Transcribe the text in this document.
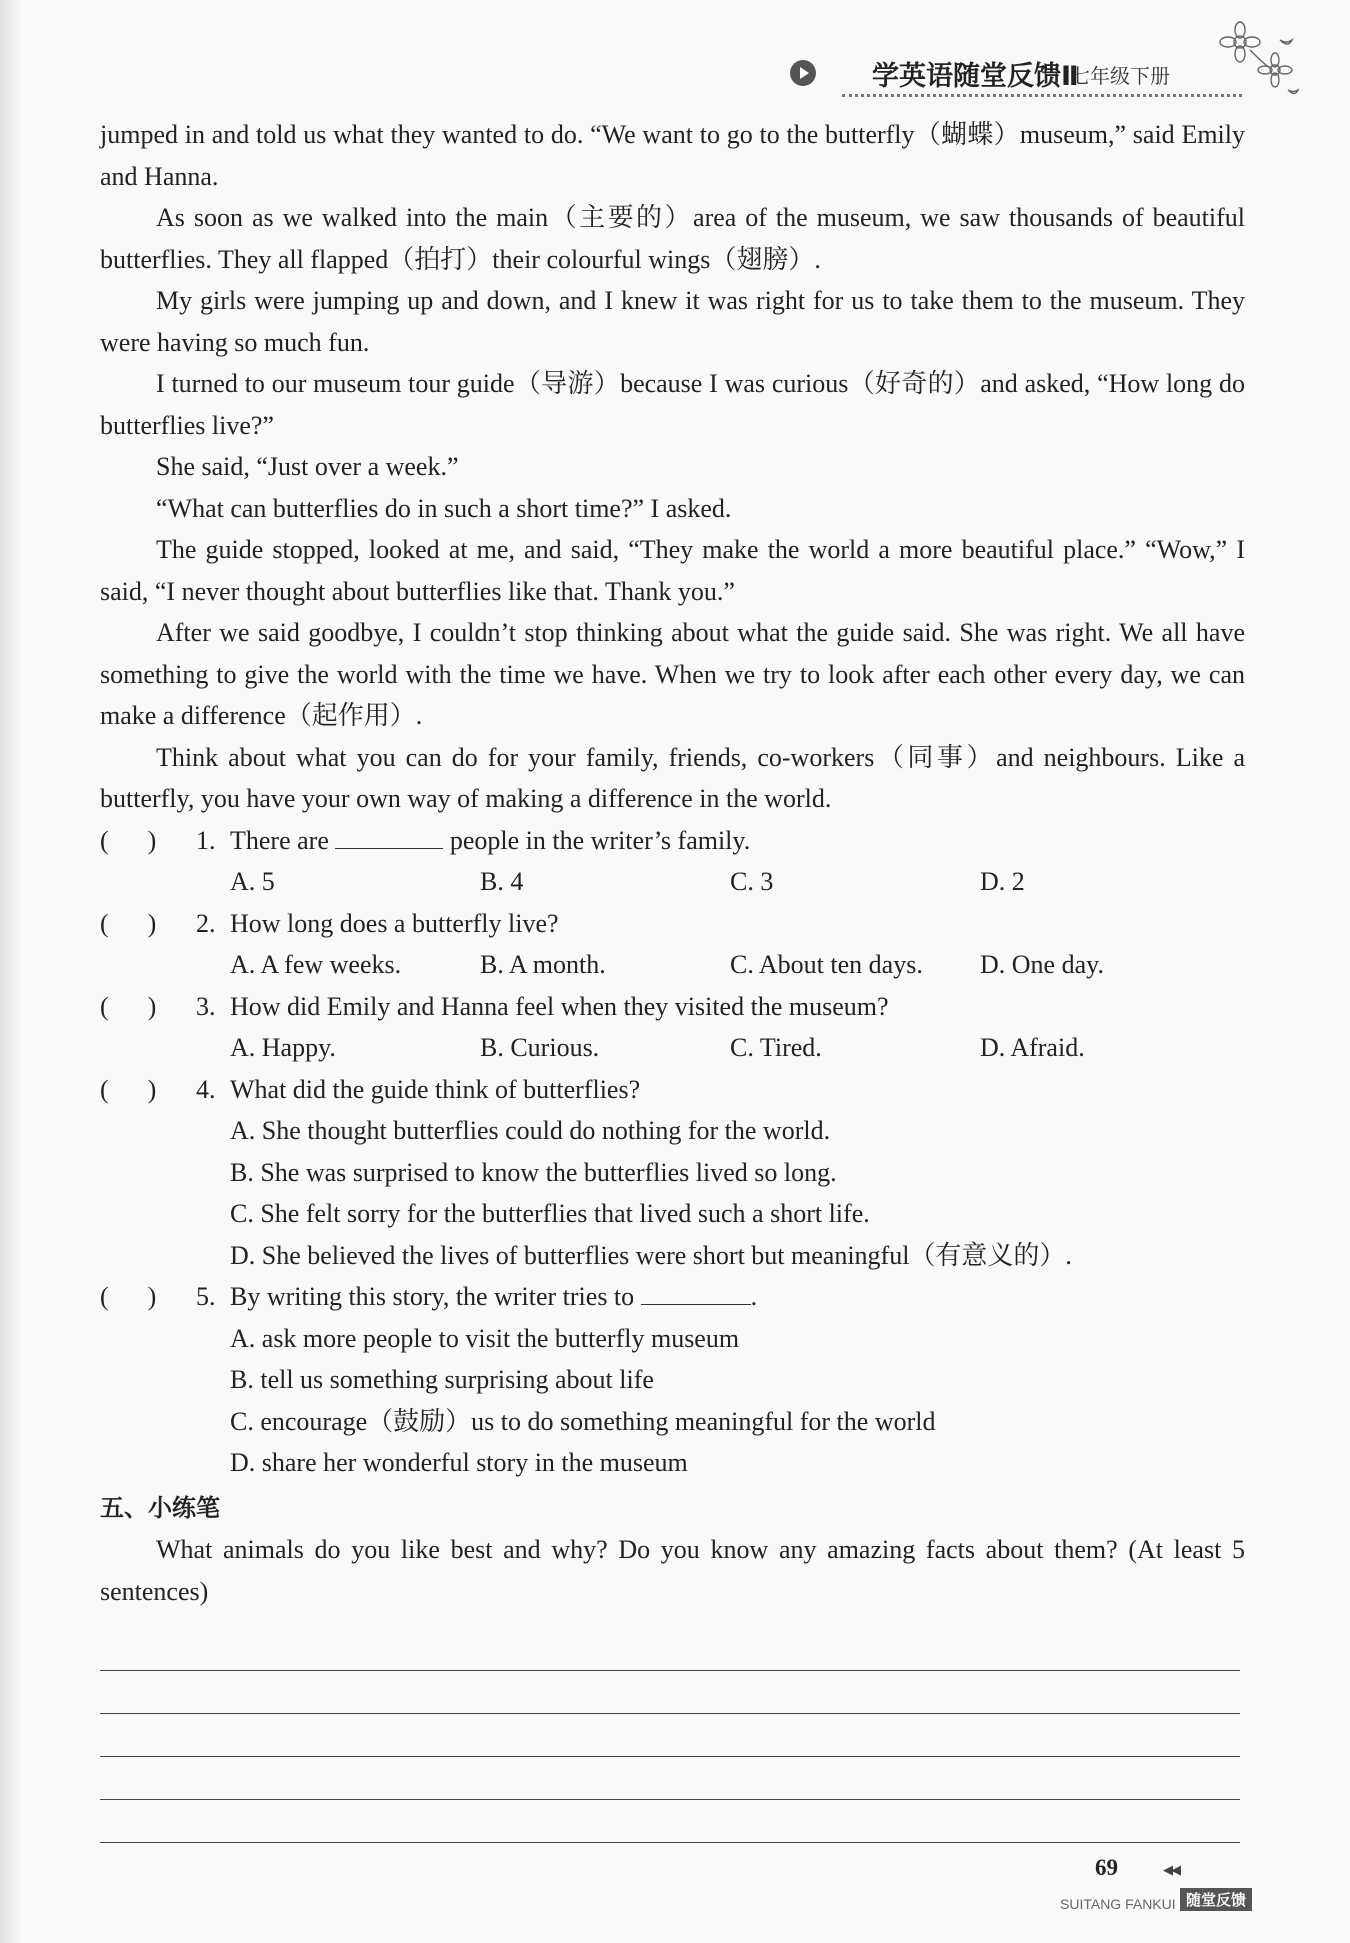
学英语随堂反馈Ⅱ
七年级下册

jumped in and told us what they wanted to do. “We want to go to the butterfly（蝴蝶）museum,” said Emily and Hanna.

As soon as we walked into the main（主要的）area of the museum, we saw thousands of beautiful butterflies. They all flapped（拍打）their colourful wings（翅膀）.

My girls were jumping up and down, and I knew it was right for us to take them to the museum. They were having so much fun.

I turned to our museum tour guide（导游）because I was curious（好奇的）and asked, “How long do butterflies live?”

She said, “Just over a week.”

“What can butterflies do in such a short time?” I asked.

The guide stopped, looked at me, and said, “They make the world a more beautiful place.” “Wow,” I said, “I never thought about butterflies like that. Thank you.”

After we said goodbye, I couldn’t stop thinking about what the guide said. She was right. We all have something to give the world with the time we have. When we try to look after each other every day, we can make a difference（起作用）.

Think about what you can do for your family, friends, co-workers（同事）and neighbours. Like a butterfly, you have your own way of making a difference in the world.

(      )	1. There are	people in the writer’s family.
A. 5	B. 4	C. 3	D. 2
(      )	2. How long does a butterfly live?
A. A few weeks.	B. A month.	C. About ten days.	D. One day.
(      )	3. How did Emily and Hanna feel when they visited the museum?
A. Happy.	B. Curious.	C. Tired.	D. Afraid.
(      )	4. What did the guide think of butterflies?
A. She thought butterflies could do nothing for the world.
B. She was surprised to know the butterflies lived so long.
C. She felt sorry for the butterflies that lived such a short life.
D. She believed the lives of butterflies were short but meaningful（有意义的）.
(      )	5. By writing this story, the writer tries to	.
A. ask more people to visit the butterfly museum
B. tell us something surprising about life
C. encourage（鼓励）us to do something meaningful for the world
D. share her wonderful story in the museum
五、小练笔

What animals do you like best and why? Do you know any amazing facts about them? (At least 5 sentences)

69	◀◀
SUITANG FANKUI 随堂反馈
